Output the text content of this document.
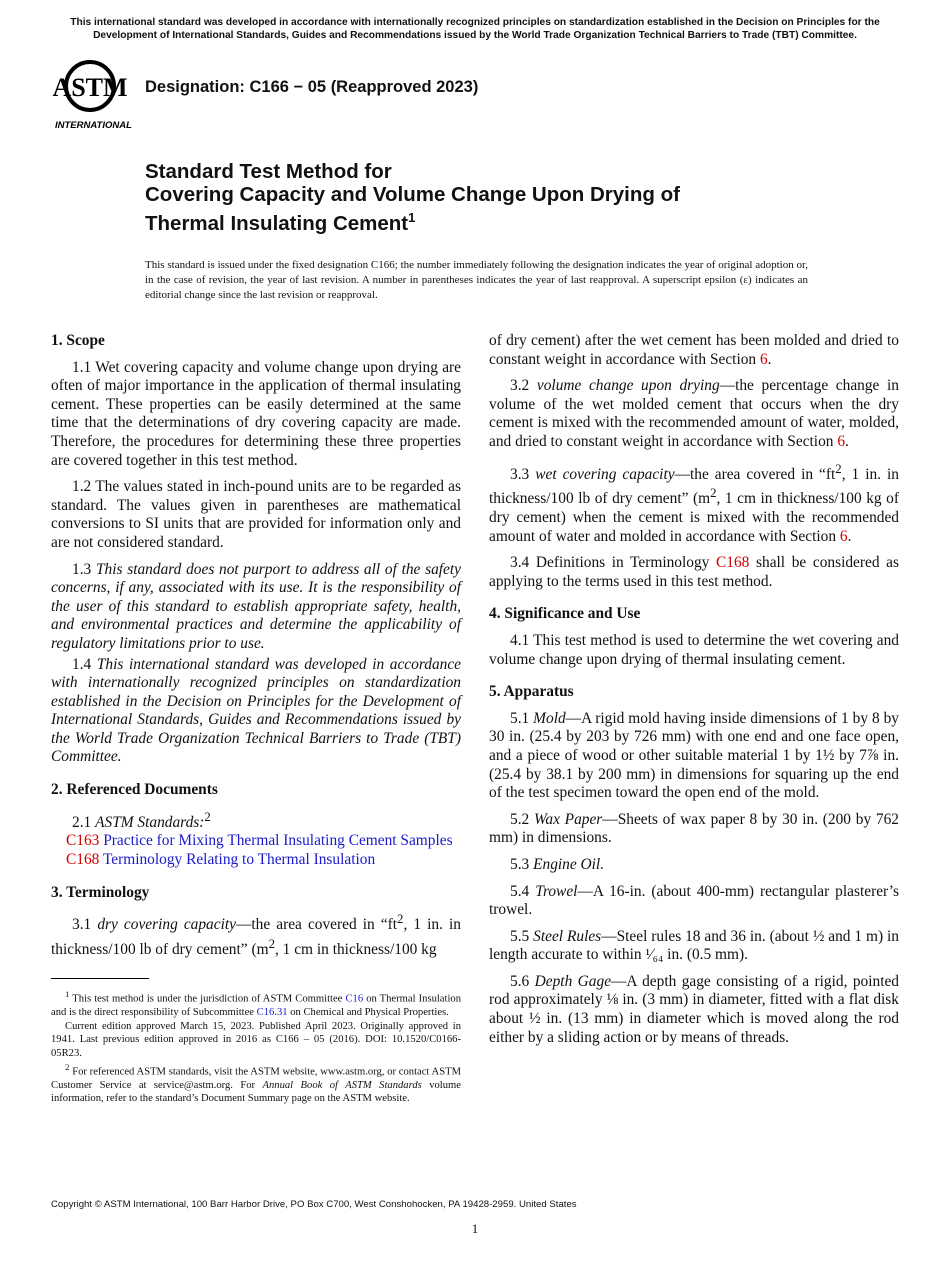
This international standard was developed in accordance with internationally recognized principles on standardization established in the Decision on Principles for the Development of International Standards, Guides and Recommendations issued by the World Trade Organization Technical Barriers to Trade (TBT) Committee.
ASTM
INTERNATIONAL
Designation: C166 − 05 (Reapproved 2023)
Standard Test Method for
Covering Capacity and Volume Change Upon Drying of
Thermal Insulating Cement$^1$
This standard is issued under the fixed designation C166; the number immediately following the designation indicates the year of original adoption or, in the case of revision, the year of last revision. A number in parentheses indicates the year of last reapproval. A superscript epsilon (ε) indicates an editorial change since the last revision or reapproval.

1. Scope

1.1 Wet covering capacity and volume change upon drying are often of major importance in the application of thermal insulating cement. These properties can be easily determined at the same time that the determinations of dry covering capacity are made. Therefore, the procedures for determining these three properties are covered together in this test method.

1.2 The values stated in inch-pound units are to be regarded as standard. The values given in parentheses are mathematical conversions to SI units that are provided for information only and are not considered standard.

1.3 This standard does not purport to address all of the safety concerns, if any, associated with its use. It is the responsibility of the user of this standard to establish appropriate safety, health, and environmental practices and determine the applicability of regulatory limitations prior to use.

1.4 This international standard was developed in accordance with internationally recognized principles on standardization established in the Decision on Principles for the Development of International Standards, Guides and Recommendations issued by the World Trade Organization Technical Barriers to Trade (TBT) Committee.

2. Referenced Documents

2.1 ASTM Standards:$^2$

C163 Practice for Mixing Thermal Insulating Cement Samples

C168 Terminology Relating to Thermal Insulation

3. Terminology

3.1 dry covering capacity—the area covered in “$ft^2$, 1 in. in thickness/100 lb of dry cement” ($m^2$, 1 cm in thickness/100 kg

$^1$ This test method is under the jurisdiction of ASTM Committee C16 on Thermal Insulation and is the direct responsibility of Subcommittee C16.31 on Chemical and Physical Properties.

Current edition approved March 15, 2023. Published April 2023. Originally approved in 1941. Last previous edition approved in 2016 as C166 – 05 (2016). DOI: 10.1520/C0166-05R23.

$^2$ For referenced ASTM standards, visit the ASTM website, www.astm.org, or contact ASTM Customer Service at service@astm.org. For Annual Book of ASTM Standards volume information, refer to the standard’s Document Summary page on the ASTM website.

of dry cement) after the wet cement has been molded and dried to constant weight in accordance with Section 6.

3.2 volume change upon drying—the percentage change in volume of the wet molded cement that occurs when the dry cement is mixed with the recommended amount of water, molded, and dried to constant weight in accordance with Section 6.

3.3 wet covering capacity—the area covered in “$ft^2$, 1 in. in thickness/100 lb of dry cement” ($m^2$, 1 cm in thickness/100 kg of dry cement) when the cement is mixed with the recommended amount of water and molded in accordance with Section 6.

3.4 Definitions in Terminology C168 shall be considered as applying to the terms used in this test method.

4. Significance and Use

4.1 This test method is used to determine the wet covering and volume change upon drying of thermal insulating cement.

5. Apparatus

5.1 Mold—A rigid mold having inside dimensions of 1 by 8 by 30 in. (25.4 by 203 by 726 mm) with one end and one face open, and a piece of wood or other suitable material 1 by 1½ by 7⅞ in. (25.4 by 38.1 by 200 mm) in dimensions for squaring up the end of the test specimen toward the open end of the mold.

5.2 Wax Paper—Sheets of wax paper 8 by 30 in. (200 by 762 mm) in dimensions.

5.3 Engine Oil.

5.4 Trowel—A 16-in. (about 400-mm) rectangular plasterer’s trowel.

5.5 Steel Rules—Steel rules 18 and 36 in. (about ½ and 1 m) in length accurate to within ¹⁄₆₄ in. (0.5 mm).

5.6 Depth Gage—A depth gage consisting of a rigid, pointed rod approximately ⅛ in. (3 mm) in diameter, fitted with a flat disk about ½ in. (13 mm) in diameter which is moved along the rod either by a sliding action or by means of threads.

Copyright © ASTM International, 100 Barr Harbor Drive, PO Box C700, West Conshohocken, PA 19428-2959. United States
1
